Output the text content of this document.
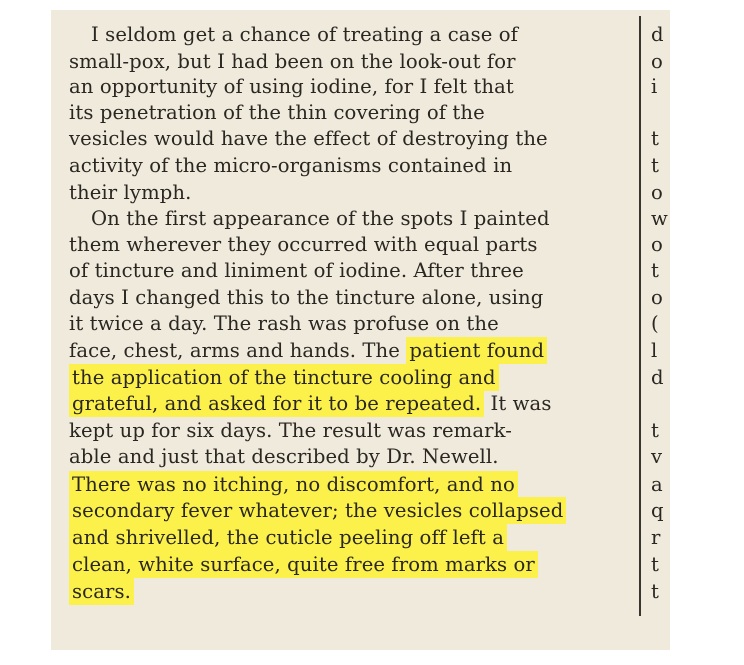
I seldom get a chance of treating a case of
small-pox, but I had been on the look-out for
an opportunity of using iodine, for I felt that
its penetration of the thin covering of the
vesicles would have the effect of destroying the
activity of the micro-organisms contained in
their lymph.
On the first appearance of the spots I painted
them wherever they occurred with equal parts
of tincture and liniment of iodine. After three
days I changed this to the tincture alone, using
it twice a day. The rash was profuse on the
face, chest, arms and hands. The patient found
the application of the tincture cooling and
grateful, and asked for it to be repeated. It was
kept up for six days. The result was remark-
able and just that described by Dr. Newell.
There was no itching, no discomfort, and no
secondary fever whatever; the vesicles collapsed
and shrivelled, the cuticle peeling off left a
clean, white surface, quite free from marks or
scars.
d
o
i
t
t
o
w
o
t
o
(
l
d
t
v
a
q
r
t
t
